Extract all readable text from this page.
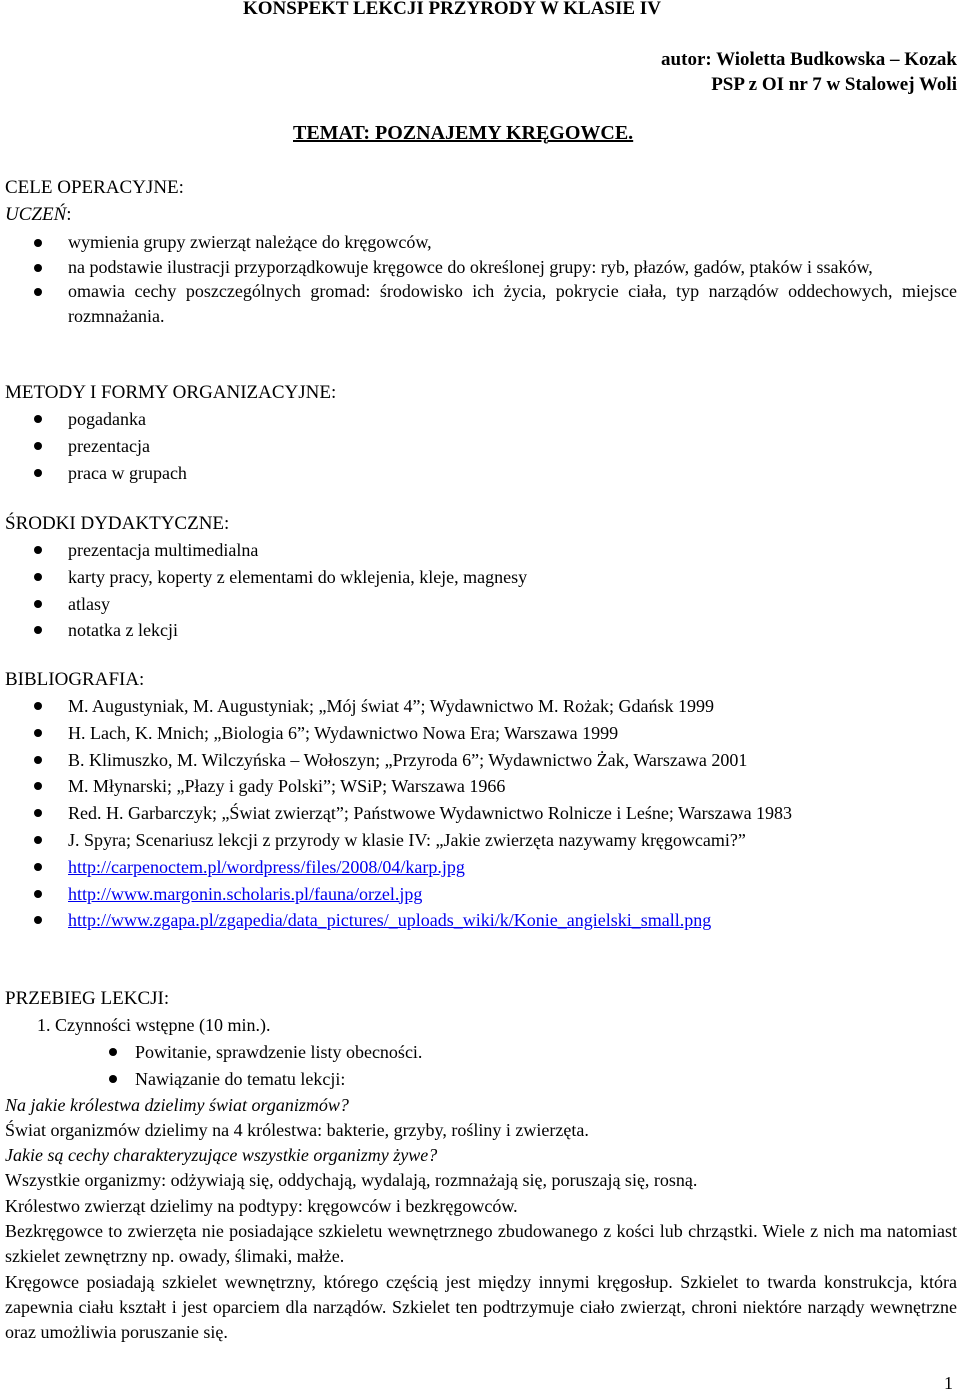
KONSPEKT LEKCJI PRZYRODY W KLASIE IV
autor: Wioletta Budkowska – Kozak
PSP z OI nr 7 w Stalowej Woli
TEMAT: POZNAJEMY KRĘGOWCE.
CELE OPERACYJNE:
UCZEŃ:
wymienia grupy zwierząt należące do kręgowców,
na podstawie ilustracji przyporządkowuje kręgowce do określonej grupy: ryb, płazów, gadów, ptaków i ssaków,
omawia cechy poszczególnych gromad: środowisko ich życia, pokrycie ciała, typ narządów oddechowych, miejsce rozmnażania.
METODY I FORMY ORGANIZACYJNE:
pogadanka
prezentacja
praca w grupach
ŚRODKI DYDAKTYCZNE:
prezentacja multimedialna
karty pracy, koperty z elementami do wklejenia, kleje, magnesy
atlasy
notatka z lekcji
BIBLIOGRAFIA:
M. Augustyniak, M. Augustyniak; „Mój świat 4”; Wydawnictwo M. Rożak; Gdańsk 1999
H. Lach, K. Mnich; „Biologia 6”; Wydawnictwo Nowa Era; Warszawa 1999
B. Klimuszko, M. Wilczyńska – Wołoszyn; „Przyroda 6”; Wydawnictwo Żak, Warszawa 2001
M. Młynarski; „Płazy i gady Polski”; WSiP; Warszawa 1966
Red. H. Garbarczyk; „Świat zwierząt”; Państwowe Wydawnictwo Rolnicze i Leśne; Warszawa 1983
J. Spyra; Scenariusz lekcji z przyrody w klasie IV: „Jakie zwierzęta nazywamy kręgowcami?”
http://carpenoctem.pl/wordpress/files/2008/04/karp.jpg
http://www.margonin.scholaris.pl/fauna/orzel.jpg
http://www.zgapa.pl/zgapedia/data_pictures/_uploads_wiki/k/Konie_angielski_small.png
PRZEBIEG LEKCJI:
1. Czynności wstępne (10 min.).
Powitanie, sprawdzenie listy obecności.
Nawiązanie do tematu lekcji:
Na jakie królestwa dzielimy świat organizmów?
Świat organizmów dzielimy na 4 królestwa: bakterie, grzyby, rośliny i zwierzęta.
Jakie są cechy charakteryzujące wszystkie organizmy żywe?
Wszystkie organizmy: odżywiają się, oddychają, wydalają, rozmnażają się, poruszają się, rosną.
Królestwo zwierząt dzielimy na podtypy: kręgowców i bezkręgowców.
Bezkręgowce to zwierzęta nie posiadające szkieletu wewnętrznego zbudowanego z kości lub chrząstki. Wiele z nich ma natomiast szkielet zewnętrzny np. owady, ślimaki, małże.
Kręgowce posiadają szkielet wewnętrzny, którego częścią jest między innymi kręgosłup. Szkielet to twarda konstrukcja, która zapewnia ciału kształt i jest oparciem dla narządów. Szkielet ten podtrzymuje ciało zwierząt, chroni niektóre narządy wewnętrzne oraz umożliwia poruszanie się.
1
